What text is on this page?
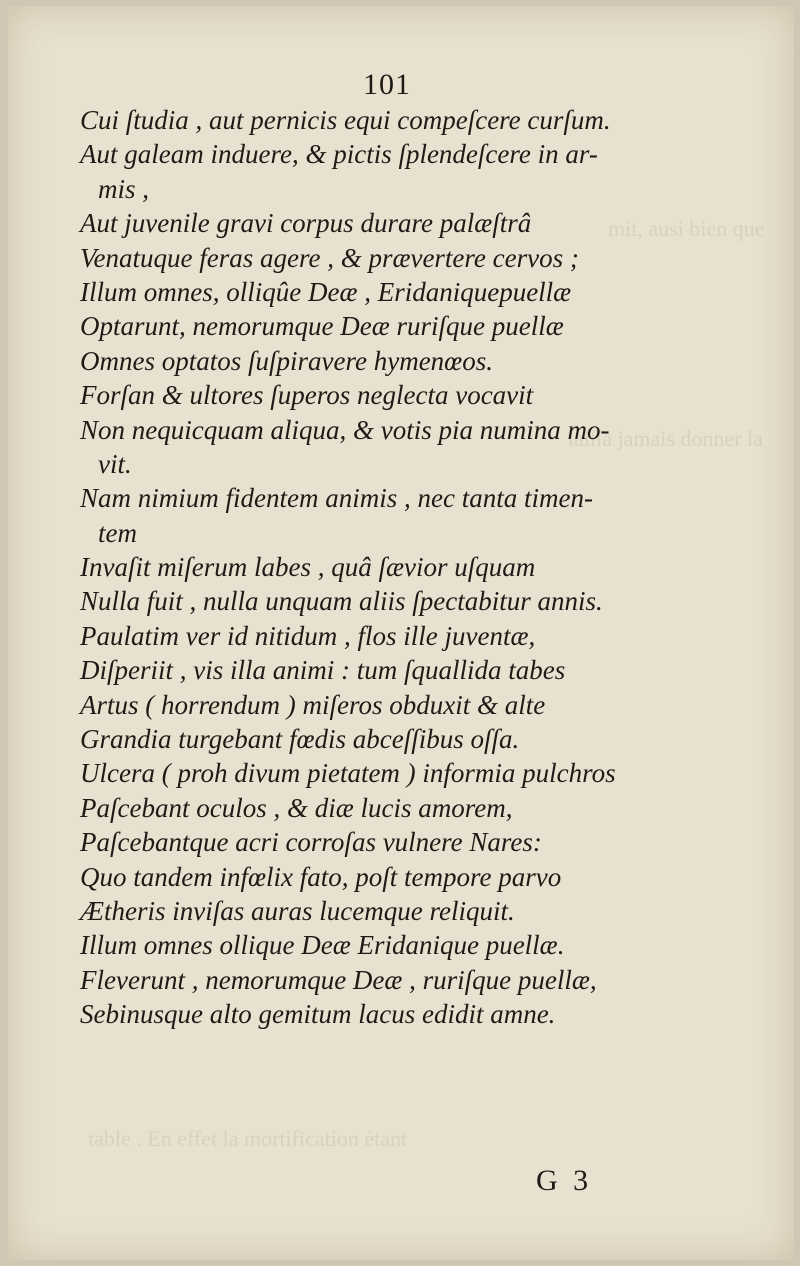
mit, ausi bien que
laiſſa jamais donner la
table . En effet la mortification étant
101
Cui ſtudia , aut pernicis equi compeſcere curſum.
Aut galeam induere, & pictis ſplendeſcere in ar-
mis ,
Aut juvenile gravi corpus durare palæſtrâ
Venatuque feras agere , & prævertere cervos ;
Illum omnes, olliqûe Deæ , Eridaniquepuellæ
Optarunt, nemorumque Deæ ruriſque puellæ
Omnes optatos ſuſpiravere hymenœos.
Forſan & ultores ſuperos neglecta vocavit
Non nequicquam aliqua, & votis pia numina mo-
vit.
Nam nimium fidentem animis , nec tanta timen-
tem
Invaſit miſerum labes , quâ ſævior uſquam
Nulla fuit , nulla unquam aliis ſpectabitur annis.
Paulatim ver id nitidum , flos ille juventæ,
Diſperiit , vis illa animi : tum ſquallida tabes
Artus ( horrendum ) miſeros obduxit & alte
Grandia turgebant fœdis abceſſibus oſſa.
Ulcera ( proh divum pietatem ) informia pulchros
Paſcebant oculos , & diæ lucis amorem,
Paſcebantque acri corroſas vulnere Nares:
Quo tandem infœlix fato, poſt tempore parvo
Ætheris inviſas auras lucemque reliquit.
Illum omnes ollique Deæ Eridanique puellæ.
Fleverunt , nemorumque Deæ , ruriſque puellæ,
Sebinusque alto gemitum lacus edidit amne.
G 3
